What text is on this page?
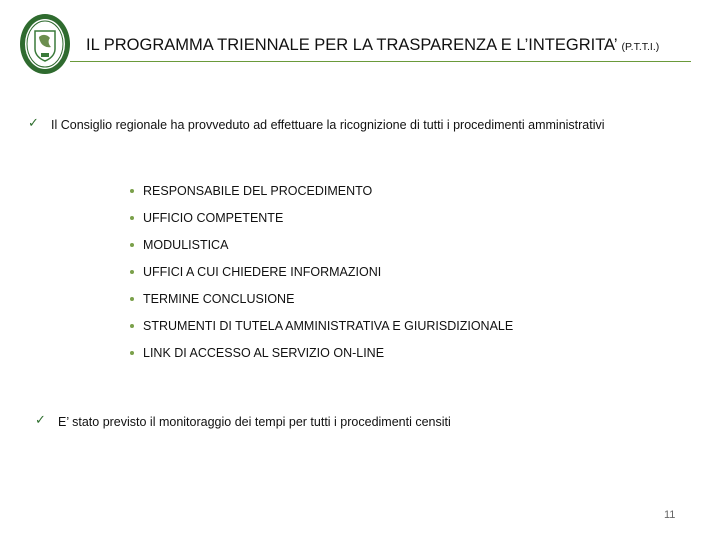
IL PROGRAMMA TRIENNALE PER LA TRASPARENZA E L’INTEGRITA’ (P.T.T.I.)
✓ Il Consiglio regionale ha provveduto ad effettuare la ricognizione di tutti i procedimenti amministrativi
RESPONSABILE DEL PROCEDIMENTO
UFFICIO COMPETENTE
MODULISTICA
UFFICI A CUI CHIEDERE INFORMAZIONI
TERMINE CONCLUSIONE
STRUMENTI DI TUTELA AMMINISTRATIVA E GIURISDIZIONALE
LINK DI ACCESSO AL SERVIZIO ON-LINE
✓ E’ stato previsto il monitoraggio dei tempi per tutti i procedimenti censiti
11
